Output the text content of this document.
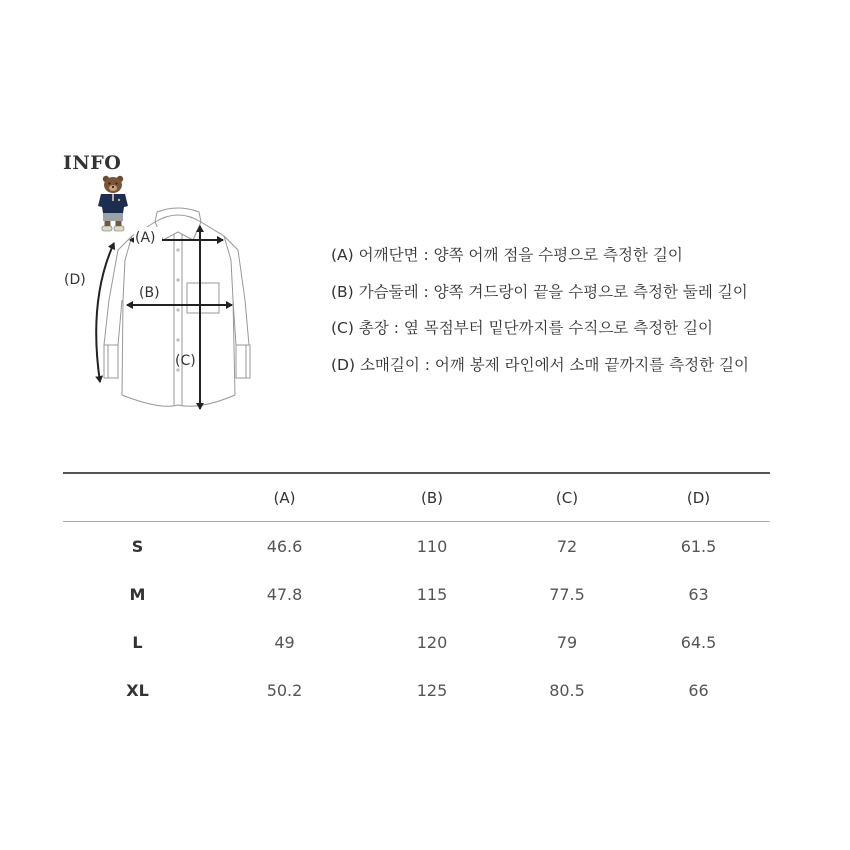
INFO
(A)
(B)
(C)
(D)
(A) 어깨단면 : 양쪽 어깨 점을 수평으로 측정한 길이
(B) 가슴둘레 : 양쪽 겨드랑이 끝을 수평으로 측정한 둘레 길이
(C) 총장 : 옆 목점부터 밑단까지를 수직으로 측정한 길이
(D) 소매길이 : 어깨 봉제 라인에서 소매 끝까지를 측정한 길이
	(A)	(B)	(C)	(D)
S	46.6	110	72	61.5
M	47.8	115	77.5	63
L	49	120	79	64.5
XL	50.2	125	80.5	66
